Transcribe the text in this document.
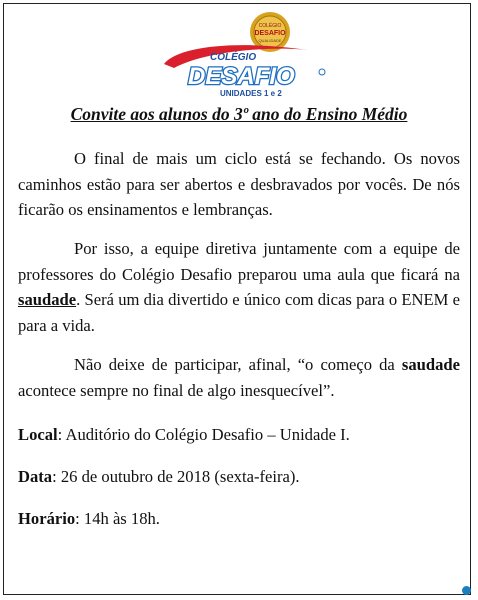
COLÉGIO
DESAFIO
QUALIDADE
COLÉGIO
DESAFIO
UNIDADES 1 e 2
Convite aos alunos do 3º ano do Ensino Médio
O final de mais um ciclo está se fechando. Os novos caminhos estão para ser abertos e desbravados por vocês. De nós ficarão os ensinamentos e lembranças.
Por isso, a equipe diretiva juntamente com a equipe de professores do Colégio Desafio preparou uma aula que ficará na saudade. Será um dia divertido e único com dicas para o ENEM e para a vida.
Não deixe de participar, afinal, “o começo da saudade acontece sempre no final de algo inesquecível”.
Local: Auditório do Colégio Desafio – Unidade I.
Data: 26 de outubro de 2018 (sexta-feira).
Horário: 14h às 18h.
